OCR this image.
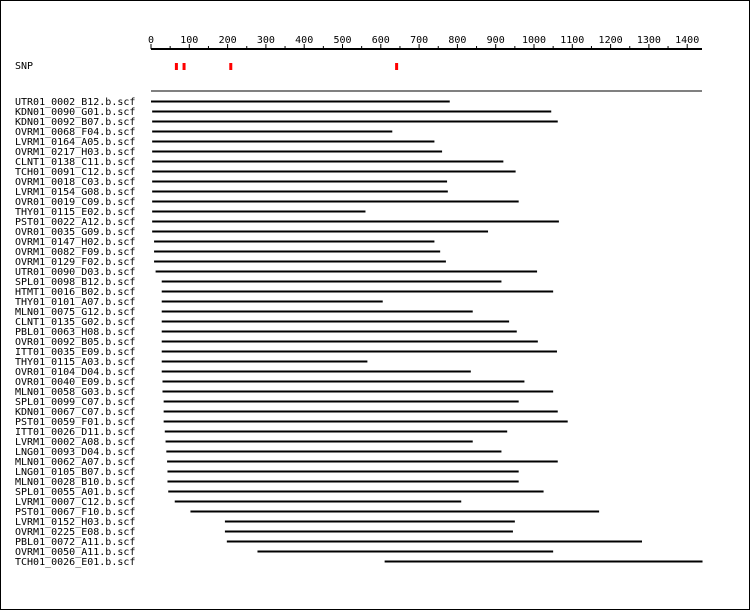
0	100 200 300 400 500 600 700 800 900 1000 1100 1200 1300 1400
SNP
UTR01_0002_B12.b.scf
KDN01_0090_G01.b.scf
KDN01_0092_B07.b.scf
OVRM1_0068_F04.b.scf
LVRM1_0164_A05.b.scf
OVRM1_0217_H03.b.scf
CLNT1_0138_C11.b.scf
TCH01_0091_C12.b.scf
OVRM1_0018_C03.b.scf
LVRM1_0154_G08.b.scf
OVR01_0019_C09.b.scf
THY01_0115_E02.b.scf
PST01_0022_A12.b.scf
OVR01_0035_G09.b.scf
OVRM1_0147_H02.b.scf
OVRM1_0082_F09.b.scf
OVRM1_0129_F02.b.scf
UTR01_0090_D03.b.scf
SPL01_0098_B12.b.scf
HTMT1_0016_B02.b.scf
THY01_0101_A07.b.scf
MLN01_0075_G12.b.scf
CLNT1_0135_G02.b.scf
PBL01_0063_H08.b.scf
OVR01_0092_B05.b.scf
ITT01_0035_E09.b.scf
THY01_0115_A03.b.scf
OVR01_0104_D04.b.scf
OVR01_0040_E09.b.scf
MLN01_0058_G03.b.scf
SPL01_0099_C07.b.scf
KDN01_0067_C07.b.scf
PST01_0059_F01.b.scf
ITT01_0026_D11.b.scf
LVRM1_0002_A08.b.scf
LNG01_0093_D04.b.scf
MLN01_0062_A07.b.scf
LNG01_0105_B07.b.scf
MLN01_0028_B10.b.scf
SPL01_0055_A01.b.scf
LVRM1_0007_C12.b.scf
PST01_0067_F10.b.scf
LVRM1_0152_H03.b.scf
OVRM1_0225_E08.b.scf
PBL01_0072_A11.b.scf
OVRM1_0050_A11.b.scf
TCH01_0026_E01.b.scf
